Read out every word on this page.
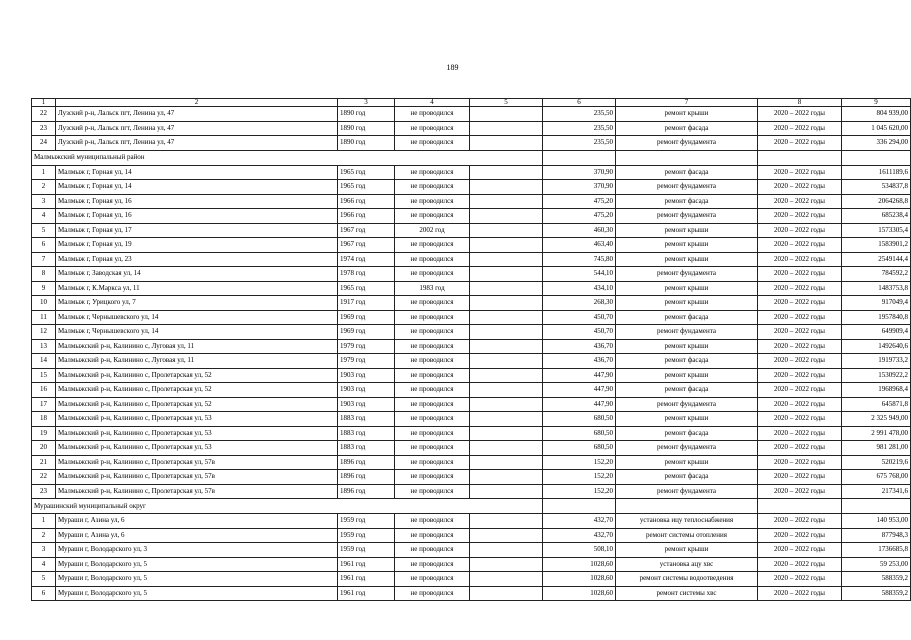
189
1	2	3	4	5	6	7	8	9
22	Лузский р-н, Лальск пгт, Ленина ул, 47	1890 год	не проводился		235,50	ремонт крыши	2020 – 2022 годы	804 939,00
23	Лузский р-н, Лальск пгт, Ленина ул, 47	1890 год	не проводился		235,50	ремонт фасада	2020 – 2022 годы	1 045 620,00
24	Лузский р-н, Лальск пгт, Ленина ул, 47	1890 год	не проводился		235,50	ремонт фундамента	2020 – 2022 годы	336 294,00
Малмыжский муниципальный район								
1	Малмыж г, Горная ул, 14	1965 год	не проводился		370,90	ремонт фасада	2020 – 2022 годы	1611189,6
2	Малмыж г, Горная ул, 14	1965 год	не проводился		370,90	ремонт фундамента	2020 – 2022 годы	534837,8
3	Малмыж г, Горная ул, 16	1966 год	не проводился		475,20	ремонт фасада	2020 – 2022 годы	2064268,8
4	Малмыж г, Горная ул, 16	1966 год	не проводился		475,20	ремонт фундамента	2020 – 2022 годы	685238,4
5	Малмыж г, Горная ул, 17	1967 год	2002 год		460,30	ремонт крыши	2020 – 2022 годы	1573305,4
6	Малмыж г, Горная ул, 19	1967 год	не проводился		463,40	ремонт крыши	2020 – 2022 годы	1583901,2
7	Малмыж г, Горная ул, 23	1974 год	не проводился		745,80	ремонт крыши	2020 – 2022 годы	2549144,4
8	Малмыж г, Заводская ул, 14	1978 год	не проводился		544,10	ремонт фундамента	2020 – 2022 годы	784592,2
9	Малмыж г, К.Маркса ул, 11	1965 год	1983 год		434,10	ремонт крыши	2020 – 2022 годы	1483753,8
10	Малмыж г, Урицкого ул, 7	1917 год	не проводился		268,30	ремонт крыши	2020 – 2022 годы	917049,4
11	Малмыж г, Чернышевского ул, 14	1969 год	не проводился		450,70	ремонт фасада	2020 – 2022 годы	1957840,8
12	Малмыж г, Чернышевского ул, 14	1969 год	не проводился		450,70	ремонт фундамента	2020 – 2022 годы	649909,4
13	Малмыжский р-н, Калинино с, Луговая ул, 11	1979 год	не проводился		436,70	ремонт крыши	2020 – 2022 годы	1492640,6
14	Малмыжский р-н, Калинино с, Луговая ул, 11	1979 год	не проводился		436,70	ремонт фасада	2020 – 2022 годы	1919733,2
15	Малмыжский р-н, Калинино с, Пролетарская ул, 52	1903 год	не проводился		447,90	ремонт крыши	2020 – 2022 годы	1530922,2
16	Малмыжский р-н, Калинино с, Пролетарская ул, 52	1903 год	не проводился		447,90	ремонт фасада	2020 – 2022 годы	1968968,4
17	Малмыжский р-н, Калинино с, Пролетарская ул, 52	1903 год	не проводился		447,90	ремонт фундамента	2020 – 2022 годы	645871,8
18	Малмыжский р-н, Калинино с, Пролетарская ул, 53	1883 год	не проводился		680,50	ремонт крыши	2020 – 2022 годы	2 325 949,00
19	Малмыжский р-н, Калинино с, Пролетарская ул, 53	1883 год	не проводился		680,50	ремонт фасада	2020 – 2022 годы	2 991 478,00
20	Малмыжский р-н, Калинино с, Пролетарская ул, 53	1883 год	не проводился		680,50	ремонт фундамента	2020 – 2022 годы	981 281,00
21	Малмыжский р-н, Калинино с, Пролетарская ул, 57в	1896 год	не проводился		152,20	ремонт крыши	2020 – 2022 годы	520219,6
22	Малмыжский р-н, Калинино с, Пролетарская ул, 57в	1896 год	не проводился		152,20	ремонт фасада	2020 – 2022 годы	675 768,00
23	Малмыжский р-н, Калинино с, Пролетарская ул, 57в	1896 год	не проводился		152,20	ремонт фундамента	2020 – 2022 годы	217341,6
Мурашинский муниципальный округ								
1	Мураши г, Азина ул, 6	1959 год	не проводился		432,70	установка ицу теплоснабжения	2020 – 2022 годы	140 953,00
2	Мураши г, Азина ул, 6	1959 год	не проводился		432,70	ремонт системы отопления	2020 – 2022 годы	877948,3
3	Мураши г, Володарского ул, 3	1959 год	не проводился		508,10	ремонт крыши	2020 – 2022 годы	1736685,8
4	Мураши г, Володарского ул, 5	1961 год	не проводился		1028,60	установка ацу хвс	2020 – 2022 годы	59 253,00
5	Мураши г, Володарского ул, 5	1961 год	не проводился		1028,60	ремонт системы водоотведения	2020 – 2022 годы	588359,2
6	Мураши г, Володарского ул, 5	1961 год	не проводился		1028,60	ремонт системы хвс	2020 – 2022 годы	588359,2
